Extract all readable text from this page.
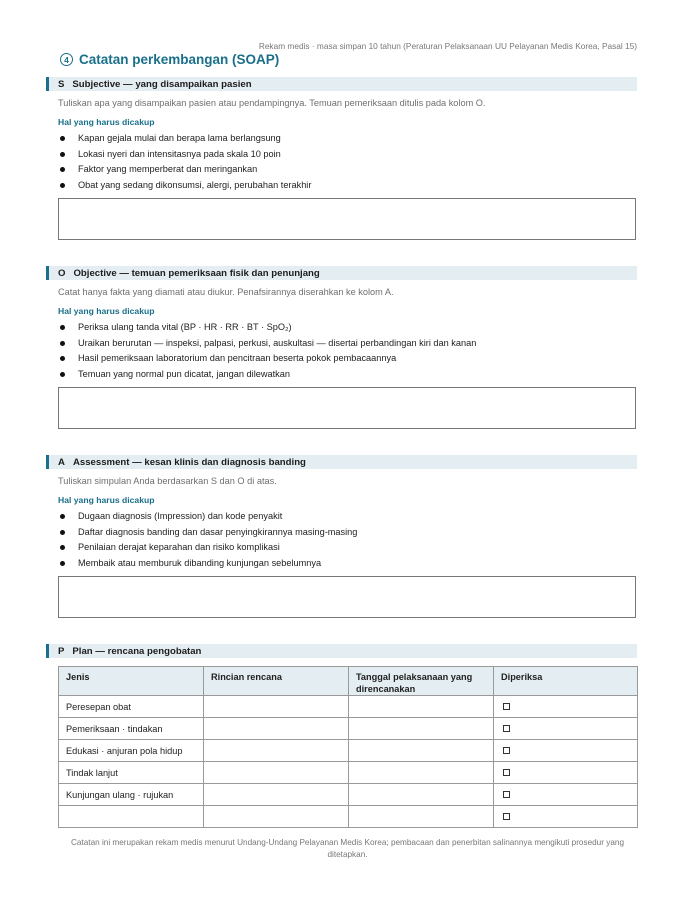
Rekam medis · masa simpan 10 tahun (Peraturan Pelaksanaan UU Pelayanan Medis Korea, Pasal 15)
4 Catatan perkembangan (SOAP)
S Subjective — yang disampaikan pasien
Tuliskan apa yang disampaikan pasien atau pendampingnya. Temuan pemeriksaan ditulis pada kolom O.
Hal yang harus dicakup
Kapan gejala mulai dan berapa lama berlangsung
Lokasi nyeri dan intensitasnya pada skala 10 poin
Faktor yang memperberat dan meringankan
Obat yang sedang dikonsumsi, alergi, perubahan terakhir
O Objective — temuan pemeriksaan fisik dan penunjang
Catat hanya fakta yang diamati atau diukur. Penafsirannya diserahkan ke kolom A.
Hal yang harus dicakup
Periksa ulang tanda vital (BP · HR · RR · BT · SpO₂)
Uraikan berurutan — inspeksi, palpasi, perkusi, auskultasi — disertai perbandingan kiri dan kanan
Hasil pemeriksaan laboratorium dan pencitraan beserta pokok pembacaannya
Temuan yang normal pun dicatat, jangan dilewatkan
A Assessment — kesan klinis dan diagnosis banding
Tuliskan simpulan Anda berdasarkan S dan O di atas.
Hal yang harus dicakup
Dugaan diagnosis (Impression) dan kode penyakit
Daftar diagnosis banding dan dasar penyingkirannya masing-masing
Penilaian derajat keparahan dan risiko komplikasi
Membaik atau memburuk dibanding kunjungan sebelumnya
P Plan — rencana pengobatan
Jenis	Rincian rencana	Tanggal pelaksanaan yang direncanakan	Diperiksa
Peresepan obat			
Pemeriksaan · tindakan			
Edukasi · anjuran pola hidup			
Tindak lanjut			
Kunjungan ulang · rujukan			

Catatan ini merupakan rekam medis menurut Undang-Undang Pelayanan Medis Korea; pembacaan dan penerbitan salinannya mengikuti prosedur yang ditetapkan.
